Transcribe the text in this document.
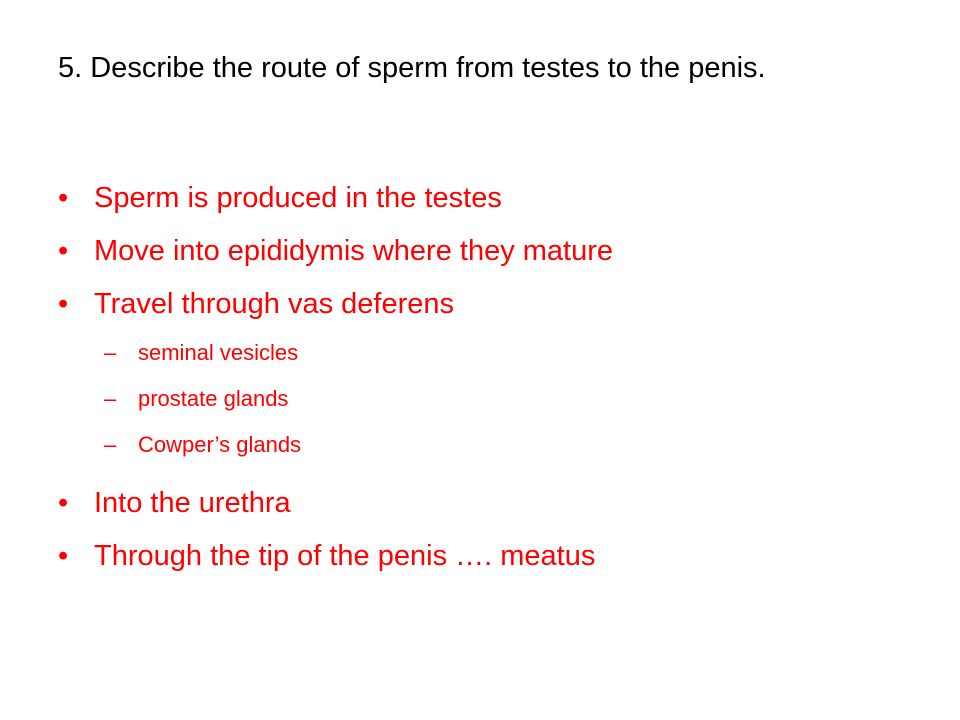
5. Describe the route of sperm from testes to the penis.
• Sperm is produced in the testes
• Move into epididymis where they mature
• Travel through vas deferens
– seminal vesicles
– prostate glands
– Cowper’s glands
• Into the urethra
• Through the tip of the penis …. meatus
